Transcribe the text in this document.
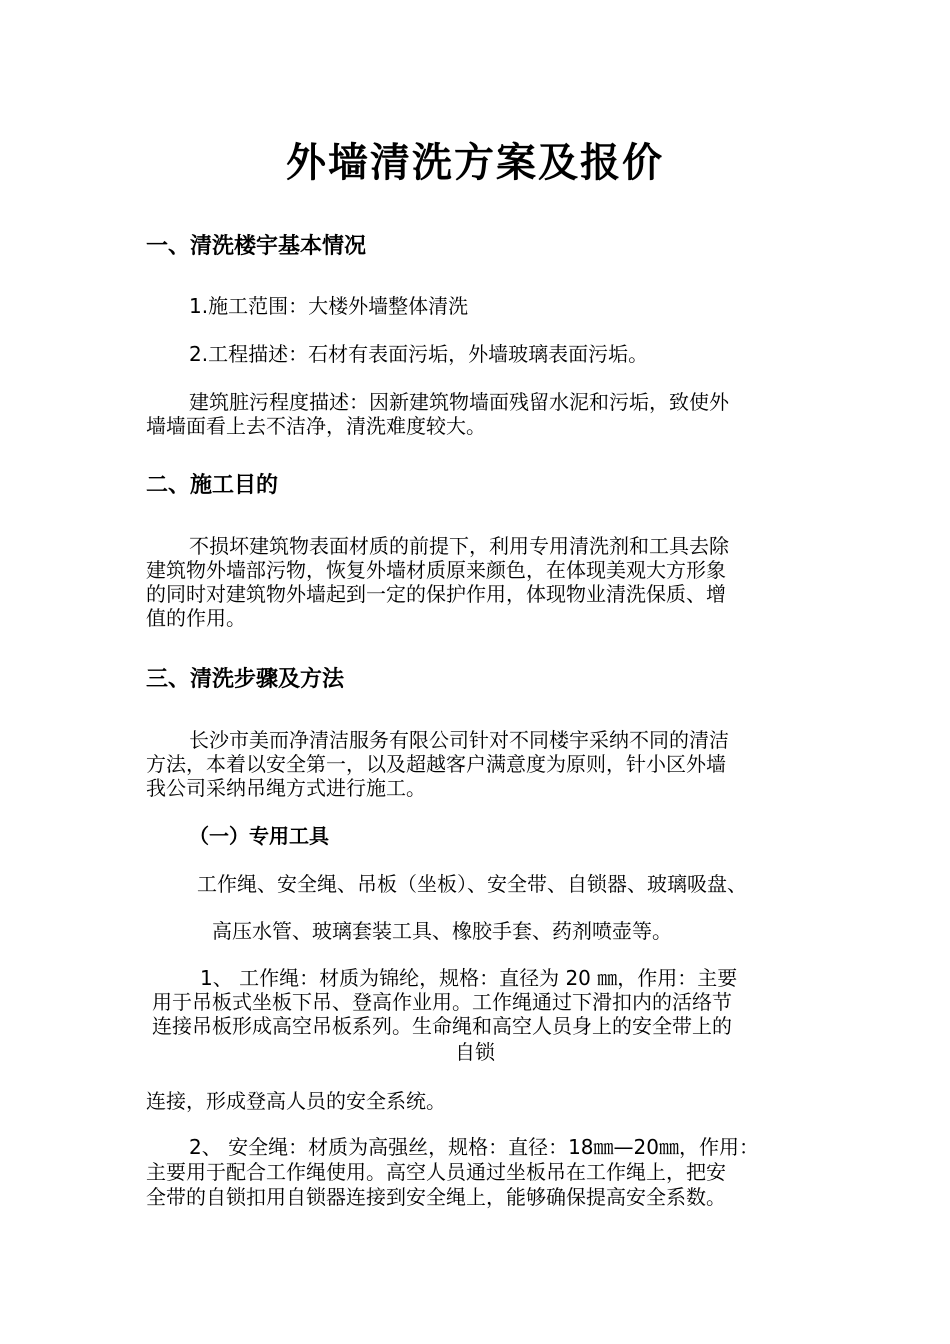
外墙清洗方案及报价
一、清洗楼宇基本情况
1.施工范围：大楼外墙整体清洗
2.工程描述：石材有表面污垢，外墙玻璃表面污垢。
建筑脏污程度描述：因新建筑物墙面残留水泥和污垢，致使外
墙墙面看上去不洁净，清洗难度较大。
二、施工目的
不损坏建筑物表面材质的前提下，利用专用清洗剂和工具去除
建筑物外墙部污物，恢复外墙材质原来颜色，在体现美观大方形象
的同时对建筑物外墙起到一定的保护作用，体现物业清洗保质、增
值的作用。
三、清洗步骤及方法
长沙市美而净清洁服务有限公司针对不同楼宇采纳不同的清洁
方法，本着以安全第一，以及超越客户满意度为原则，针小区外墙
我公司采纳吊绳方式进行施工。
（一）专用工具
工作绳、安全绳、吊板（坐板）、安全带、自锁器、玻璃吸盘、
高压水管、玻璃套装工具、橡胶手套、药剂喷壶等。
1、 工作绳：材质为锦纶，规格：直径为 20 ㎜，作用：主要
用于吊板式坐板下吊、登高作业用。工作绳通过下滑扣内的活络节
连接吊板形成高空吊板系列。生命绳和高空人员身上的安全带上的
自锁
连接，形成登高人员的安全系统。
2、 安全绳：材质为高强丝，规格：直径：18㎜—20㎜，作用：
主要用于配合工作绳使用。高空人员通过坐板吊在工作绳上，把安
全带的自锁扣用自锁器连接到安全绳上，能够确保提高安全系数。
